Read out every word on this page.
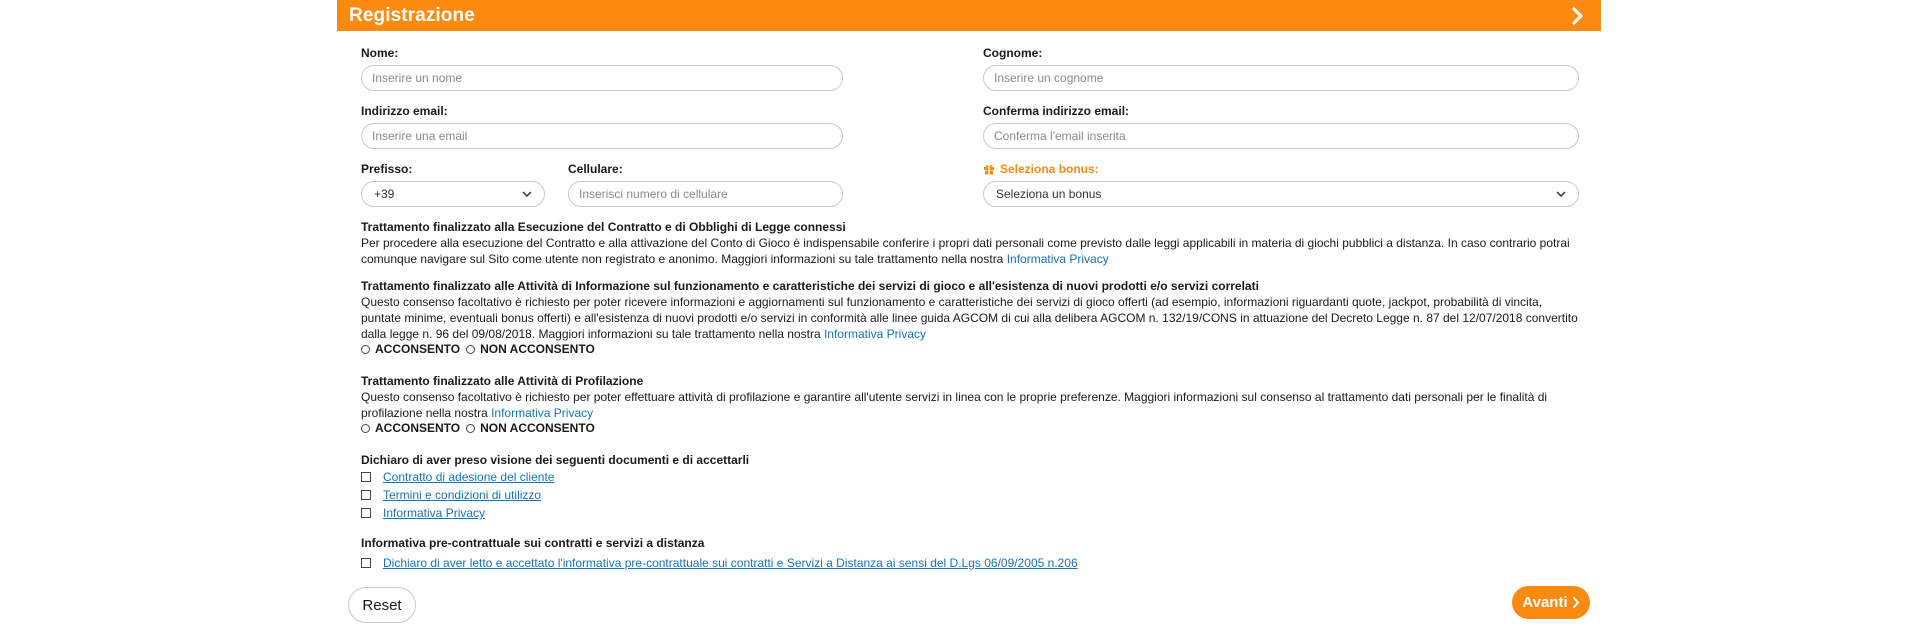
Registrazione
Nome:
Inserire un nome	Cognome:
Inserire un cognome
Indirizzo email:
Inserire una email	Conferma indirizzo email:
Conferma l'email inserita
Prefisso:
+39
Cellulare:
Inserisci numero di cellulare	Seleziona bonus:
Seleziona un bonus
Trattamento finalizzato alla Esecuzione del Contratto e di Obblighi di Legge connessi
Per procedere alla esecuzione del Contratto e alla attivazione del Conto di Gioco è indispensabile conferire i propri dati personali come previsto dalle leggi applicabili in materia di giochi pubblici a distanza. In caso contrario potrai comunque navigare sul Sito come utente non registrato e anonimo. Maggiori informazioni su tale trattamento nella nostra Informativa Privacy
Trattamento finalizzato alle Attività di Informazione sul funzionamento e caratteristiche dei servizi di gioco e all'esistenza di nuovi prodotti e/o servizi correlati
Questo consenso facoltativo è richiesto per poter ricevere informazioni e aggiornamenti sul funzionamento e caratteristiche dei servizi di gioco offerti (ad esempio, informazioni riguardanti quote, jackpot, probabilità di vincita, puntate minime, eventuali bonus offerti) e all'esistenza di nuovi prodotti e/o servizi in conformità alle linee guida AGCOM di cui alla delibera AGCOM n. 132/19/CONS in attuazione del Decreto Legge n. 87 del 12/07/2018 convertito dalla legge n. 96 del 09/08/2018. Maggiori informazioni su tale trattamento nella nostra Informativa Privacy
ACCONSENTO NON ACCONSENTO
Trattamento finalizzato alle Attività di Profilazione
Questo consenso facoltativo è richiesto per poter effettuare attività di profilazione e garantire all'utente servizi in linea con le proprie preferenze. Maggiori informazioni sul consenso al trattamento dati personali per le finalità di profilazione nella nostra Informativa Privacy
ACCONSENTO NON ACCONSENTO
Dichiaro di aver preso visione dei seguenti documenti e di accettarli
Contratto di adesione del cliente
Termini e condizioni di utilizzo
Informativa Privacy
Informativa pre-contrattuale sui contratti e servizi a distanza
Dichiaro di aver letto e accettato l'informativa pre-contrattuale sui contratti e Servizi a Distanza ai sensi del D.Lgs 06/09/2005 n.206
Reset	Avanti
